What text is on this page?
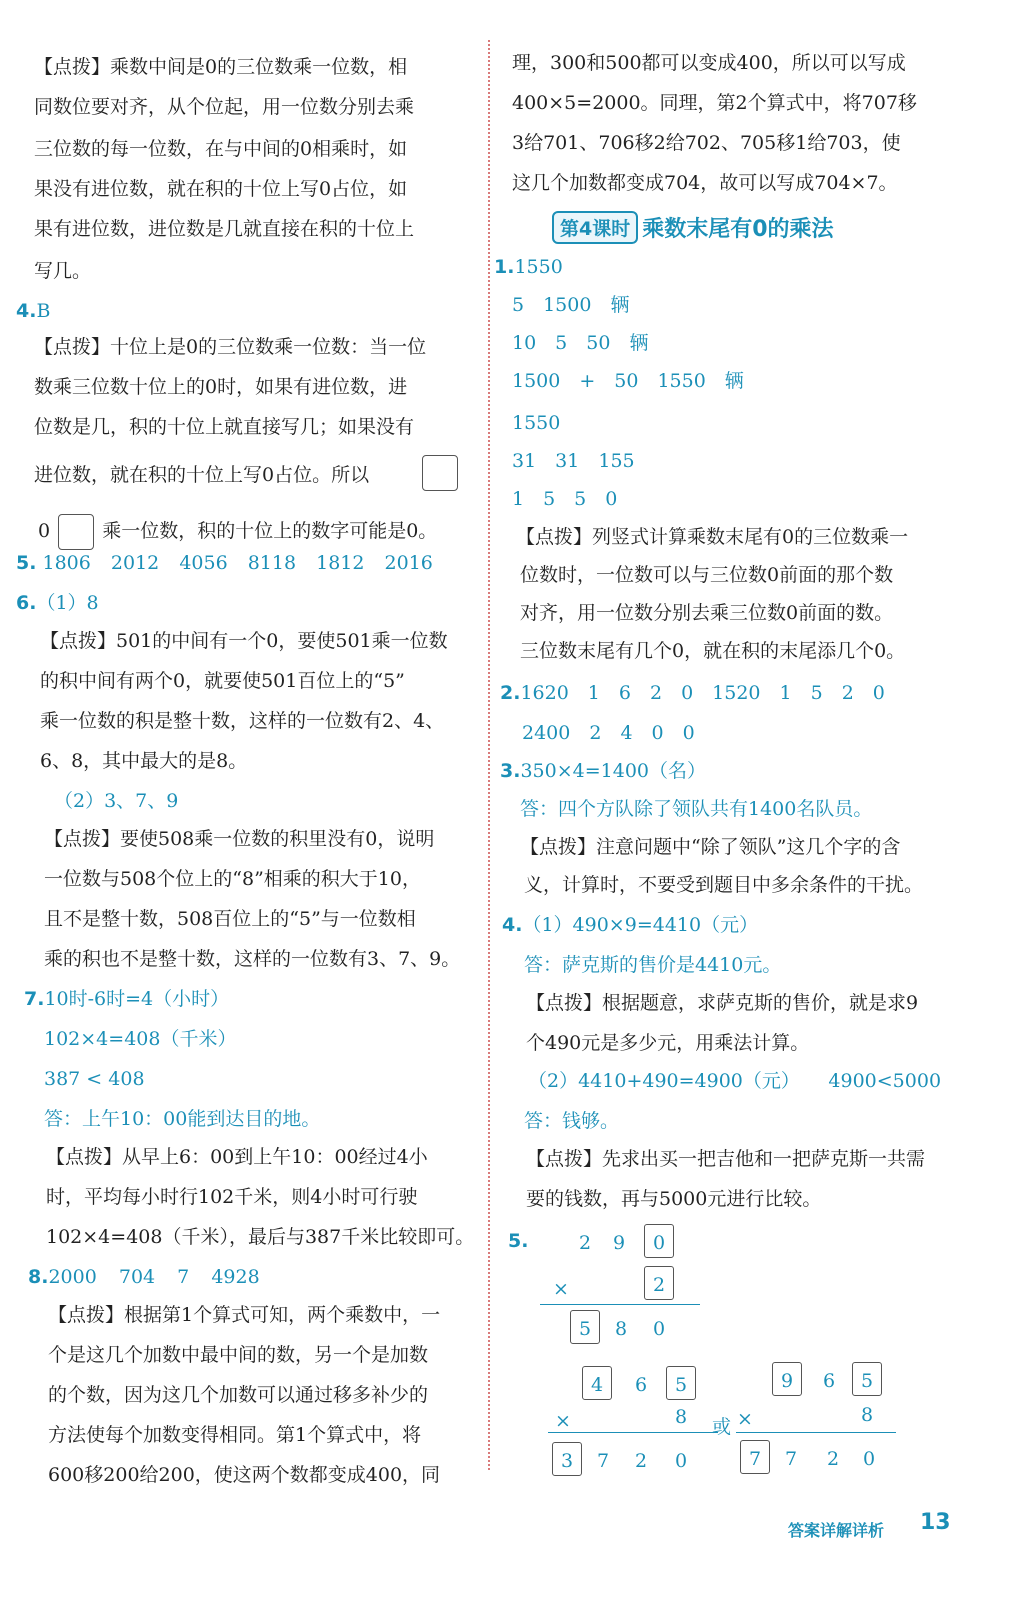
【点拨】乘数中间是0的三位数乘一位数，相
同数位要对齐，从个位起，用一位数分别去乘
三位数的每一位数，在与中间的0相乘时，如
果没有进位数，就在积的十位上写0占位，如
果有进位数，进位数是几就直接在积的十位上
写几。
4.B
【点拨】十位上是0的三位数乘一位数：当一位
数乘三位数十位上的0时，如果有进位数，进
位数是几，积的十位上就直接写几；如果没有
进位数，就在积的十位上写0占位。所以
0	乘一位数，积的十位上的数字可能是0。
5. 1806 2012 4056 8118 1812 2016
6.（1）8
【点拨】501的中间有一个0，要使501乘一位数
的积中间有两个0，就要使501百位上的“5”
乘一位数的积是整十数，这样的一位数有2、4、
6、8，其中最大的是8。
（2）3、7、9
【点拨】要使508乘一位数的积里没有0，说明
一位数与508个位上的“8”相乘的积大于10，
且不是整十数，508百位上的“5”与一位数相
乘的积也不是整十数，这样的一位数有3、7、9。
7.10时-6时=4（小时）
102×4=408（千米）
387 < 408
答：上午10：00能到达目的地。
【点拨】从早上6：00到上午10：00经过4小
时，平均每小时行102千米，则4小时可行驶
102×4=408（千米），最后与387千米比较即可。
8.2000 704 7 4928
【点拨】根据第1个算式可知，两个乘数中，一
个是这几个加数中最中间的数，另一个是加数
的个数，因为这几个加数可以通过移多补少的
方法使每个加数变得相同。第1个算式中，将
600移200给200，使这两个数都变成400，同
理，300和500都可以变成400，所以可以写成
400×5=2000。同理，第2个算式中，将707移
3给701、706移2给702、705移1给703，使
这几个加数都变成704，故可以写成704×7。
第4课时 乘数末尾有0的乘法
1.1550
5　1500　辆
10　5　50　辆
1500　+　50　1550　辆
1550
31　31　155
1　5　5　0
【点拨】列竖式计算乘数末尾有0的三位数乘一
位数时，一位数可以与三位数0前面的那个数
对齐，用一位数分别去乘三位数0前面的数。
三位数末尾有几个0，就在积的末尾添几个0。
2.1620　1　6　2　0　1520　1　5　2　0
2400　2　4　0　0
3.350×4=1400（名）
答：四个方队除了领队共有1400名队员。
【点拨】注意问题中“除了领队”这几个字的含
义，计算时，不要受到题目中多余条件的干扰。
4.（1）490×9=4410（元）
答：萨克斯的售价是4410元。
【点拨】根据题意，求萨克斯的售价，就是求9
个490元是多少元，用乘法计算。
（2）4410+490=4900（元）　　4900<5000
答：钱够。
【点拨】先求出买一把吉他和一把萨克斯一共需
要的钱数，再与5000元进行比较。
5.	2	9	0
×	2
5	8	0
4	6	5
×	8
3	7	2	0
或
9	6	5
×	8
7	7	2	0
答案详解详析 13
